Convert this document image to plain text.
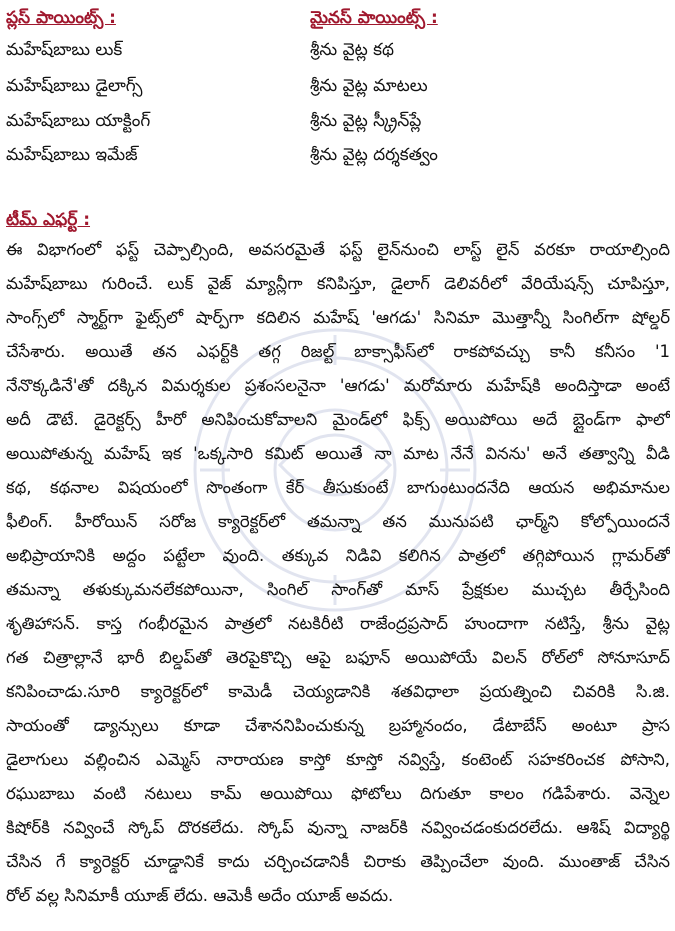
ప్లస్ పాయింట్స్ :
మహేష్‌బాబు లుక్
మహేష్‌బాబు డైలాగ్స్
మహేష్‌బాబు యాక్టింగ్
మహేష్‌బాబు ఇమేజ్
మైనస్ పాయింట్స్ :
శ్రీను వైట్ల కథ
శ్రీను వైట్ల మాటలు
శ్రీను వైట్ల స్క్రీన్‌ప్లే
శ్రీను వైట్ల దర్శకత్వం
టీమ్ ఎఫర్ట్ :
ఈ విభాగంలో ఫస్ట్ చెప్పాల్సింది, అవసరమైతే ఫస్ట్ లైన్‌నుంచి లాస్ట్ లైన్ వరకూ రాయాల్సింది
మహేష్‌బాబు గురించే. లుక్ వైజ్ మ్యాన్లీగా కనిపిస్తూ, డైలాగ్ డెలివరీలో వేరియేషన్స్ చూపిస్తూ,
సాంగ్స్‌లో స్మార్ట్‌గా ఫైట్స్‌లో షార్ప్‌గా కదిలిన మహేష్ 'ఆగడు' సినిమా మొత్తాన్నీ సింగిల్‌గా షోల్డర్
చేసేశారు. అయితే తన ఎఫర్ట్‌కి తగ్గ రిజల్ట్ బాక్సాఫీస్‌లో రాకపోవచ్చు కానీ కనీసం '1
నేనొక్కడినే'తో దక్కిన విమర్శకుల ప్రశంసలనైనా 'ఆగడు' మరోమారు మహేష్‌కి అందిస్తాడా అంటే
అదీ డౌటే. డైరెక్టర్స్ హీరో అనిపించుకోవాలని మైండ్‌లో ఫిక్స్ అయిపోయి అదే బ్లైండ్‌గా ఫాలో
అయిపోతున్న మహేష్ ఇక 'ఒక్కసారి కమిట్ అయితే నా మాట నేనే వినను' అనే తత్వాన్ని వీడి
కథ, కథనాల విషయంలో సొంతంగా కేర్ తీసుకుంటే బాగుంటుందనేది ఆయన అభిమానుల
ఫీలింగ్. హీరోయిన్ సరోజ క్యారెక్టర్‌లో తమన్నా తన మునుపటి ఛార్మ్‌ని కోల్పోయిందనే
అభిప్రాయానికి అద్దం పట్టేలా వుంది. తక్కువ నిడివి కలిగిన పాత్రలో తగ్గిపోయిన గ్లామర్‌తో
తమన్నా తళుక్కుమనలేకపోయినా, సింగిల్ సాంగ్‌తో మాస్ ప్రేక్షకుల ముచ్చట తీర్చేసింది
శృతిహాసన్. కాస్త గంభీరమైన పాత్రలో నటకిరీటి రాజేంద్రప్రసాద్ హుందాగా నటిస్తే, శ్రీను వైట్ల
గత చిత్రాల్లానే భారీ బిల్డప్‌తో తెరపైకొచ్చి ఆపై బఫూన్ అయిపోయే విలన్ రోల్‌లో సోనూసూద్
కనిపించాడు.సూరి క్యారెక్టర్‌లో కామెడీ చెయ్యడానికి శతవిధాలా ప్రయత్నించి చివరికి సి.జి.
సాయంతో డ్యాన్సులు కూడా చేశాననిపించుకున్న బ్రహ్మానందం, డేటాబేస్ అంటూ ప్రాస
డైలాగులు వల్లించిన ఎమ్మెస్ నారాయణ కాస్తో కూస్తో నవ్విస్తే, కంటెంట్ సహకరించక పోసాని,
రఘుబాబు వంటి నటులు కామ్ అయిపోయి ఫోటోలు దిగుతూ కాలం గడిపేశారు. వెన్నెల
కిషోర్‌కి నవ్వించే స్కోప్ దొరకలేదు. స్కోప్ వున్నా నాజర్‌కి నవ్వించడంకుదరలేదు. ఆశిష్ విద్యార్థి
చేసిన గే క్యారెక్టర్ చూడ్డానికే కాదు చర్చించడానికీ చిరాకు తెప్పించేలా వుంది. ముంతాజ్ చేసిన
రోల్ వల్ల సినిమాకీ యూజ్ లేదు. ఆమెకీ అదేం యూజ్ అవదు.
